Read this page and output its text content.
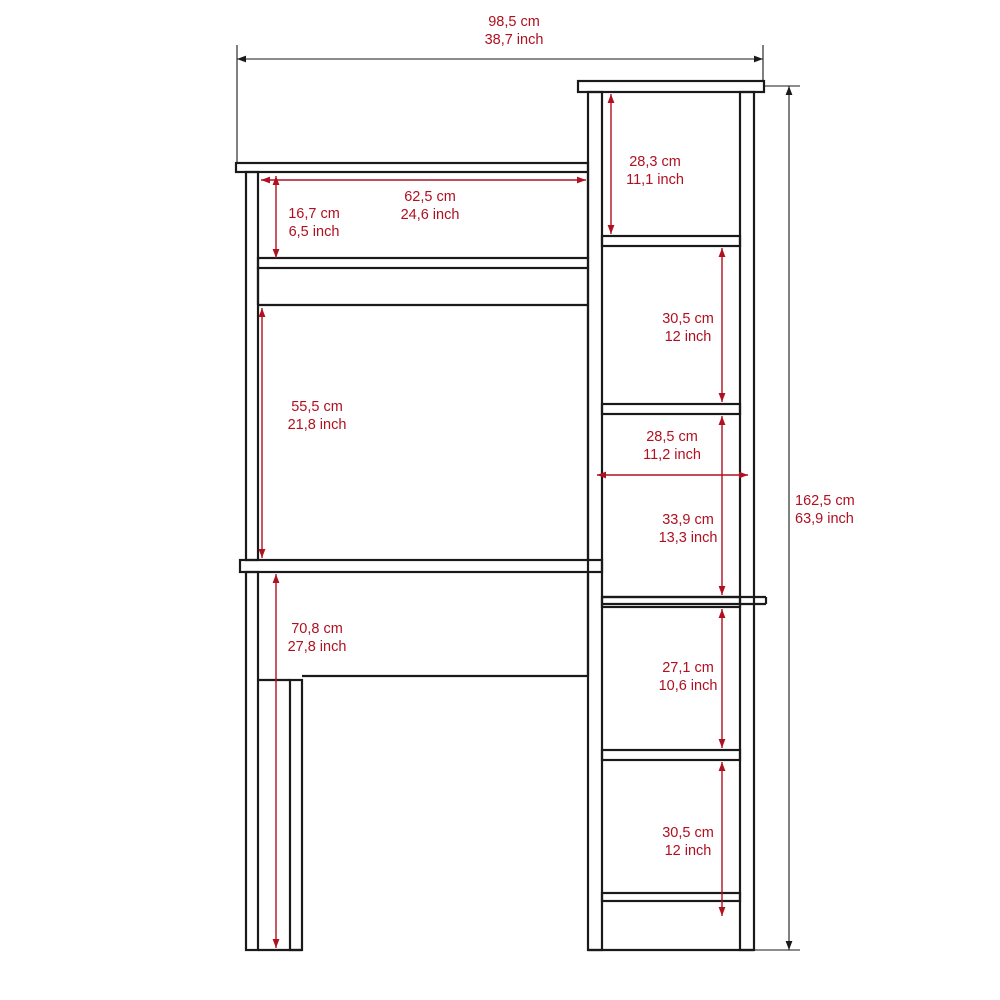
98,5 cm
38,7 inch
162,5 cm
63,9 inch
62,5 cm
24,6 inch
16,7 cm
6,5 inch
55,5 cm
21,8 inch
70,8 cm
27,8 inch
28,3 cm
11,1 inch
30,5 cm
12 inch
28,5 cm
11,2 inch
33,9 cm
13,3 inch
27,1 cm
10,6 inch
30,5 cm
12 inch
